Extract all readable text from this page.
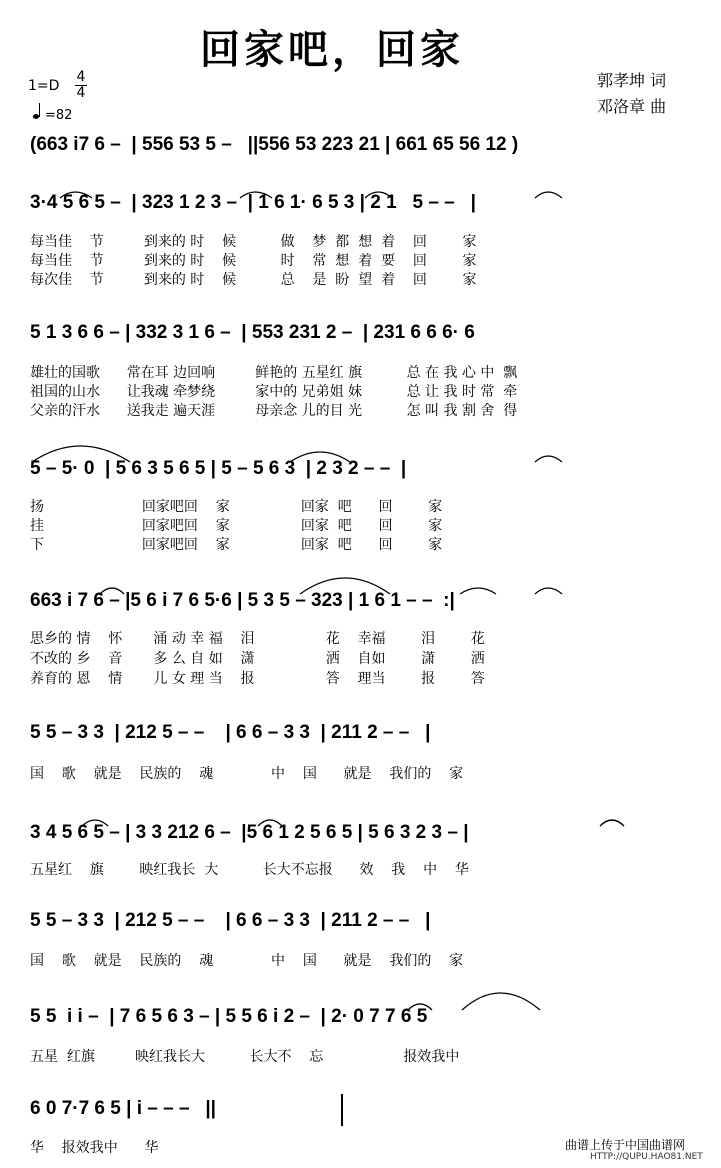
回家吧，回家
郭孝坤 词
邓洛章 曲
1=D
4
4
=82
(663 i7 6 –  | 556 53 5 –   ||556 53 223 21 | 661 65 56 12 )
3·4 5 6 5 –  | 323 1 2 3 –  | 1 6 1· 6 5 3 | 2 1   5 – –   |
每当佳    节         到来的 时    候          做    梦  都  想  着    回        家
每当佳    节         到来的 时    候          时    常  想  着  要    回        家
每次佳    节         到来的 时    候          总    是  盼  望  着    回        家
5 1 3 6 6 – | 332 3 1 6 –  | 553 231 2 –  | 231 6 6 6· 6
雄壮的国歌      常在耳 边回响         鲜艳的 五星红 旗          总 在 我 心 中  飘
祖国的山水      让我魂 牵梦绕         家中的 兄弟姐 妹          总 让 我 时 常  牵
父亲的汗水      送我走 遍天涯         母亲念 儿的目 光          怎 叫 我 割 舍  得
5 – 5· 0  | 5 6 3 5 6 5 | 5 – 5 6 3  | 2 3 2 – –  |
扬                      回家吧回    家                回家  吧      回        家
挂                      回家吧回    家                回家  吧      回        家
下                      回家吧回    家                回家  吧      回        家
663 i 7 6 – |5 6 i 7 6 5·6 | 5 3 5 – 323 | 1 6 1 – –  :|
思乡的 情    怀       涌 动 幸 福    泪                花    幸福        泪        花
不改的 乡    音       多 么 自 如    潇                洒    自如        潇        洒
养育的 恩    情       儿 女 理 当    报                答    理当        报        答
5 5 – 3 3  | 212 5 – –    | 6 6 – 3 3  | 211 2 – –   |
国    歌    就是    民族的    魂             中    国      就是    我们的    家
3 4 5 6 5 – | 3 3 212 6 –  |5 6 1 2 5 6 5 | 5 6 3 2 3 – |
五星红    旗        映红我长  大          长大不忘报      效    我    中    华
5 5 – 3 3  | 212 5 – –    | 6 6 – 3 3  | 211 2 – –   |
国    歌    就是    民族的    魂             中    国      就是    我们的    家
5 5  i i –  | 7 6 5 6 3 – | 5 5 6 i 2 –  | 2· 0 7 7 6 5
五星  红旗         映红我长大          长大不    忘                  报效我中
6 0 7·7 6 5 | i – – –   ||
华    报效我中      华	曲谱上传于中国曲谱网
HTTP://QUPU.HAO81.NET
